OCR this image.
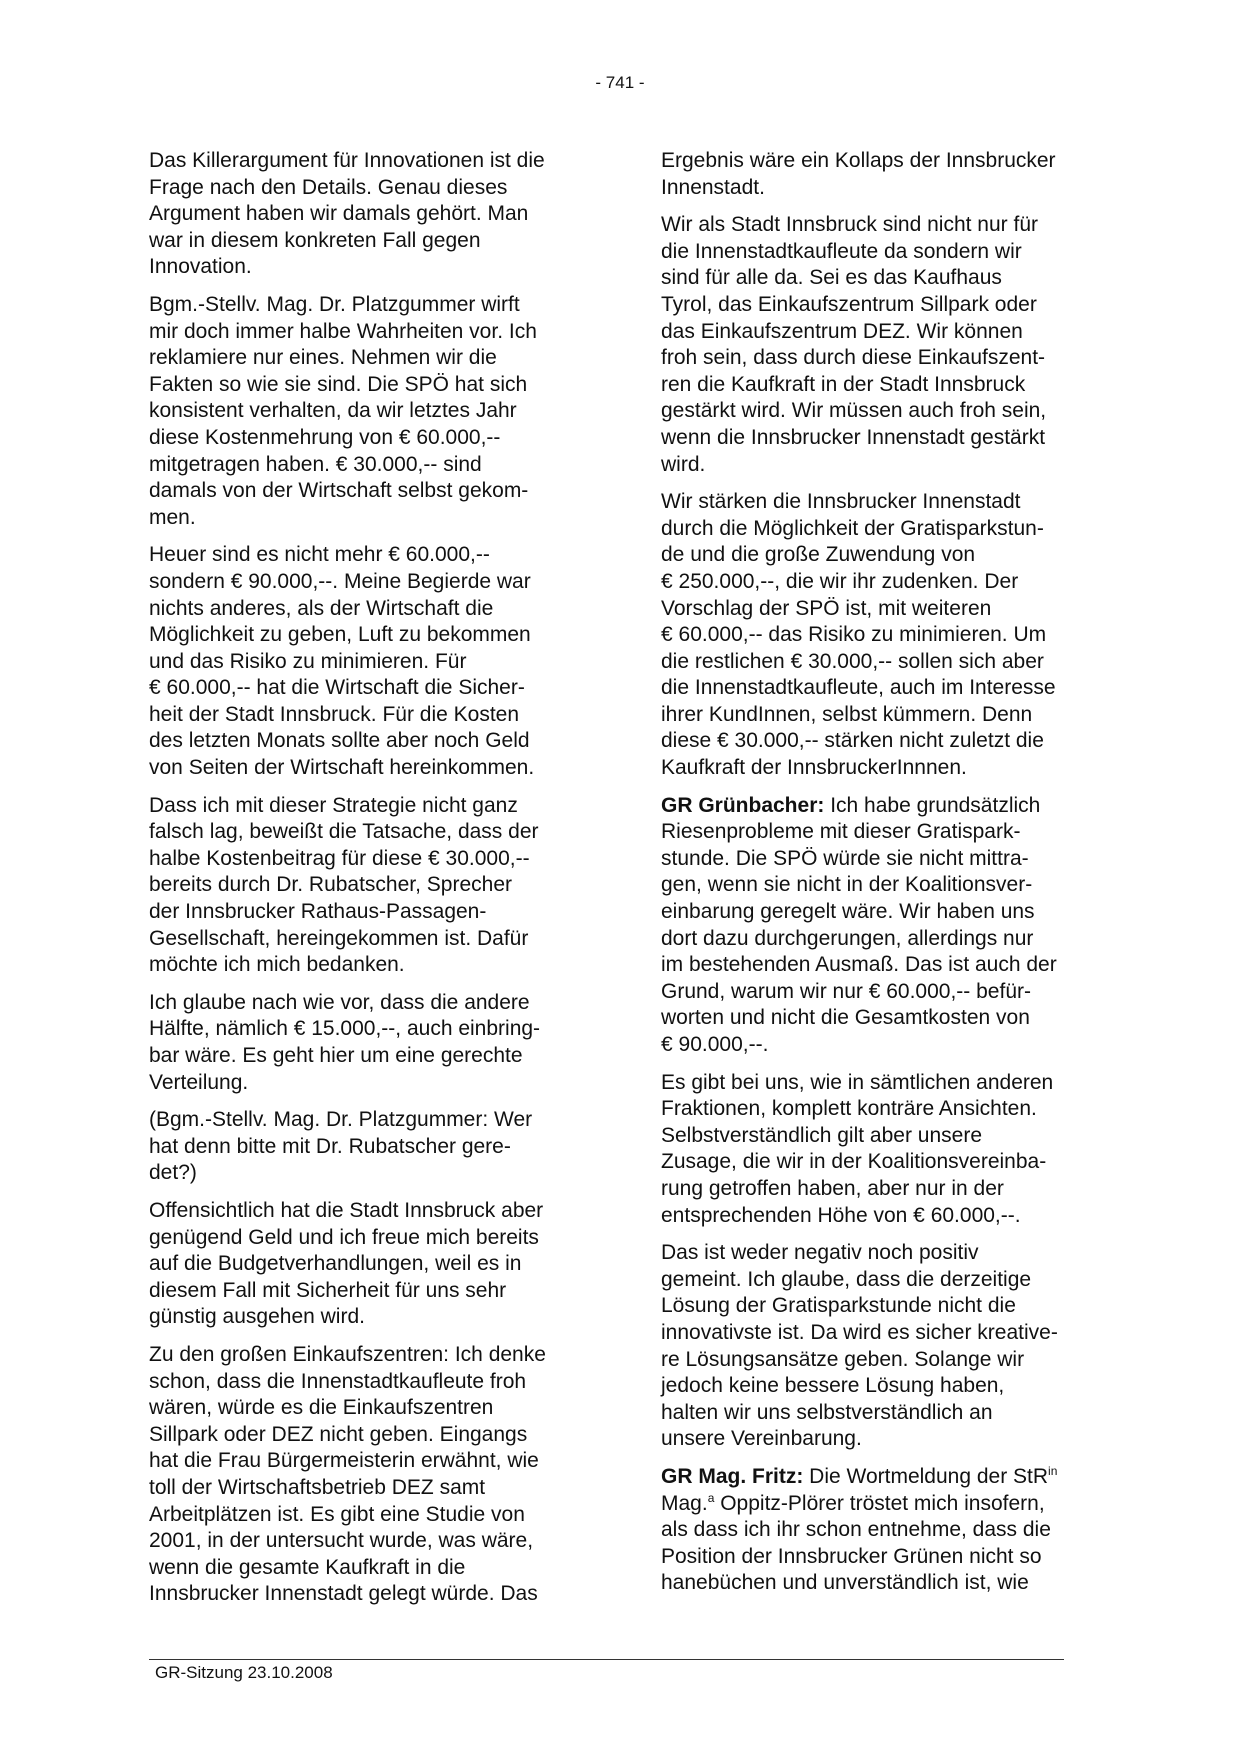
- 741 -

Das Killerargument für Innovationen ist die
Frage nach den Details. Genau dieses
Argument haben wir damals gehört. Man
war in diesem konkreten Fall gegen
Innovation.

Bgm.-Stellv. Mag. Dr. Platzgummer wirft
mir doch immer halbe Wahrheiten vor. Ich
reklamiere nur eines. Nehmen wir die
Fakten so wie sie sind. Die SPÖ hat sich
konsistent verhalten, da wir letztes Jahr
diese Kostenmehrung von € 60.000,--
mitgetragen haben. € 30.000,-- sind
damals von der Wirtschaft selbst gekom-
men.

Heuer sind es nicht mehr € 60.000,--
sondern € 90.000,--. Meine Begierde war
nichts anderes, als der Wirtschaft die
Möglichkeit zu geben, Luft zu bekommen
und das Risiko zu minimieren. Für
€ 60.000,-- hat die Wirtschaft die Sicher-
heit der Stadt Innsbruck. Für die Kosten
des letzten Monats sollte aber noch Geld
von Seiten der Wirtschaft hereinkommen.

Dass ich mit dieser Strategie nicht ganz
falsch lag, beweißt die Tatsache, dass der
halbe Kostenbeitrag für diese € 30.000,--
bereits durch Dr. Rubatscher, Sprecher
der Innsbrucker Rathaus-Passagen-
Gesellschaft, hereingekommen ist. Dafür
möchte ich mich bedanken.

Ich glaube nach wie vor, dass die andere
Hälfte, nämlich € 15.000,--, auch einbring-
bar wäre. Es geht hier um eine gerechte
Verteilung.

(Bgm.-Stellv. Mag. Dr. Platzgummer: Wer
hat denn bitte mit Dr. Rubatscher gere-
det?)

Offensichtlich hat die Stadt Innsbruck aber
genügend Geld und ich freue mich bereits
auf die Budgetverhandlungen, weil es in
diesem Fall mit Sicherheit für uns sehr
günstig ausgehen wird.

Zu den großen Einkaufszentren: Ich denke
schon, dass die Innenstadtkaufleute froh
wären, würde es die Einkaufszentren
Sillpark oder DEZ nicht geben. Eingangs
hat die Frau Bürgermeisterin erwähnt, wie
toll der Wirtschaftsbetrieb DEZ samt
Arbeitplätzen ist. Es gibt eine Studie von
2001, in der untersucht wurde, was wäre,
wenn die gesamte Kaufkraft in die
Innsbrucker Innenstadt gelegt würde. Das

Ergebnis wäre ein Kollaps der Innsbrucker
Innenstadt.

Wir als Stadt Innsbruck sind nicht nur für
die Innenstadtkaufleute da sondern wir
sind für alle da. Sei es das Kaufhaus
Tyrol, das Einkaufszentrum Sillpark oder
das Einkaufszentrum DEZ. Wir können
froh sein, dass durch diese Einkaufszent-
ren die Kaufkraft in der Stadt Innsbruck
gestärkt wird. Wir müssen auch froh sein,
wenn die Innsbrucker Innenstadt gestärkt
wird.

Wir stärken die Innsbrucker Innenstadt
durch die Möglichkeit der Gratisparkstun-
de und die große Zuwendung von
€ 250.000,--, die wir ihr zudenken. Der
Vorschlag der SPÖ ist, mit weiteren
€ 60.000,-- das Risiko zu minimieren. Um
die restlichen € 30.000,-- sollen sich aber
die Innenstadtkaufleute, auch im Interesse
ihrer KundInnen, selbst kümmern. Denn
diese € 30.000,-- stärken nicht zuletzt die
Kaufkraft der InnsbruckerInnnen.

GR Grünbacher: Ich habe grundsätzlich
Riesenprobleme mit dieser Gratispark-
stunde. Die SPÖ würde sie nicht mittra-
gen, wenn sie nicht in der Koalitionsver-
einbarung geregelt wäre. Wir haben uns
dort dazu durchgerungen, allerdings nur
im bestehenden Ausmaß. Das ist auch der
Grund, warum wir nur € 60.000,-- befür-
worten und nicht die Gesamtkosten von
€ 90.000,--.

Es gibt bei uns, wie in sämtlichen anderen
Fraktionen, komplett konträre Ansichten.
Selbstverständlich gilt aber unsere
Zusage, die wir in der Koalitionsvereinba-
rung getroffen haben, aber nur in der
entsprechenden Höhe von € 60.000,--.

Das ist weder negativ noch positiv
gemeint. Ich glaube, dass die derzeitige
Lösung der Gratisparkstunde nicht die
innovativste ist. Da wird es sicher kreative-
re Lösungsansätze geben. Solange wir
jedoch keine bessere Lösung haben,
halten wir uns selbstverständlich an
unsere Vereinbarung.

GR Mag. Fritz: Die Wortmeldung der StR$^{in}$
Mag.$^a$ Oppitz-Plörer tröstet mich insofern,
als dass ich ihr schon entnehme, dass die
Position der Innsbrucker Grünen nicht so
hanebüchen und unverständlich ist, wie

GR-Sitzung 23.10.2008
